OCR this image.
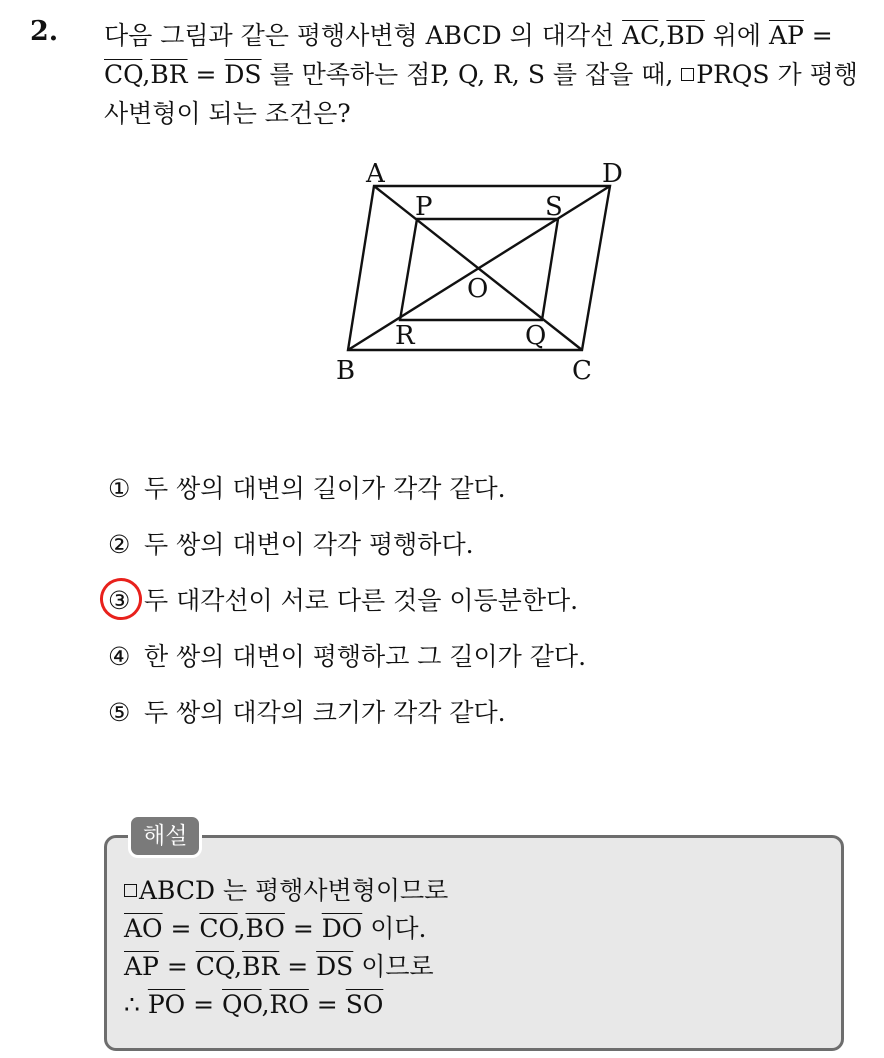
2. 다음 그림과 같은 평행사변형 ABCD 의 대각선 $\overline{AC},\overline{BD}$ 위에 $\overline{AP}$ =
$\overline{CQ},\overline{BR} = \overline{DS}$ 를 만족하는 점P, Q, R, S 를 잡을 때, PRQS 가 평행
사변형이 되는 조건은?
A	D
P	S
O
R	Q
B	C
① 두 쌍의 대변의 길이가 각각 같다.
② 두 쌍의 대변이 각각 평행하다.
③ 두 대각선이 서로 다른 것을 이등분한다.
④ 한 쌍의 대변이 평행하고 그 길이가 같다.
⑤ 두 쌍의 대각의 크기가 각각 같다.
해설
ABCD 는 평행사변형이므로
$\overline{AO} = \overline{CO},\overline{BO} = \overline{DO}$ 이다.
$\overline{AP} = \overline{CQ},\overline{BR} = \overline{DS}$ 이므로
∴ $\overline{PO} = \overline{QO},\overline{RO} = \overline{SO}$
